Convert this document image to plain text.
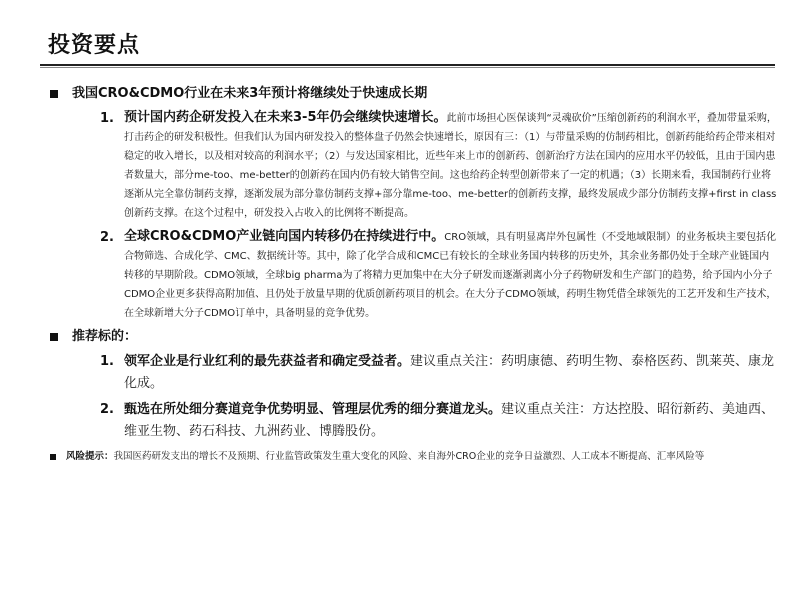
投资要点
我国CRO&CDMO行业在未来3年预计将继续处于快速成长期
1. 预计国内药企研发投入在未来3-5年仍会继续快速增长。此前市场担心医保谈判“灵魂砍价”压缩创新药的利润水平，叠加带量采购，打击药企的研发积极性。但我们认为国内研发投入的整体盘子仍然会快速增长，原因有三：（1）与带量采购的仿制药相比，创新药能给药企带来相对稳定的收入增长，以及相对较高的利润水平；（2）与发达国家相比，近些年来上市的创新药、创新治疗方法在国内的应用水平仍较低，且由于国内患者数量大，部分me-too、me-better的创新药在国内仍有较大销售空间。这也给药企转型创新带来了一定的机遇；（3）长期来看，我国制药行业将逐渐从完全靠仿制药支撑，逐渐发展为部分靠仿制药支撑+部分靠me-too、me-better的创新药支撑，最终发展成少部分仿制药支撑+first in class创新药支撑。在这个过程中，研发投入占收入的比例将不断提高。
2. 全球CRO&CDMO产业链向国内转移仍在持续进行中。CRO领域，具有明显离岸外包属性（不受地域限制）的业务板块主要包括化合物筛选、合成化学、CMC、数据统计等。其中，除了化学合成和CMC已有较长的全球业务国内转移的历史外，其余业务都仍处于全球产业链国内转移的早期阶段。CDMO领域，全球big pharma为了将精力更加集中在大分子研发而逐渐剥离小分子药物研发和生产部门的趋势，给予国内小分子CDMO企业更多获得高附加值、且仍处于放量早期的优质创新药项目的机会。在大分子CDMO领域，药明生物凭借全球领先的工艺开发和生产技术，在全球新增大分子CDMO订单中，具备明显的竞争优势。
推荐标的：
1. 领军企业是行业红利的最先获益者和确定受益者。建议重点关注：药明康德、药明生物、泰格医药、凯莱英、康龙化成。
2. 甄选在所处细分赛道竞争优势明显、管理层优秀的细分赛道龙头。建议重点关注：方达控股、昭衍新药、美迪西、维亚生物、药石科技、九洲药业、博腾股份。
风险提示：我国医药研发支出的增长不及预期、行业监管政策发生重大变化的风险、来自海外CRO企业的竞争日益激烈、人工成本不断提高、汇率风险等
